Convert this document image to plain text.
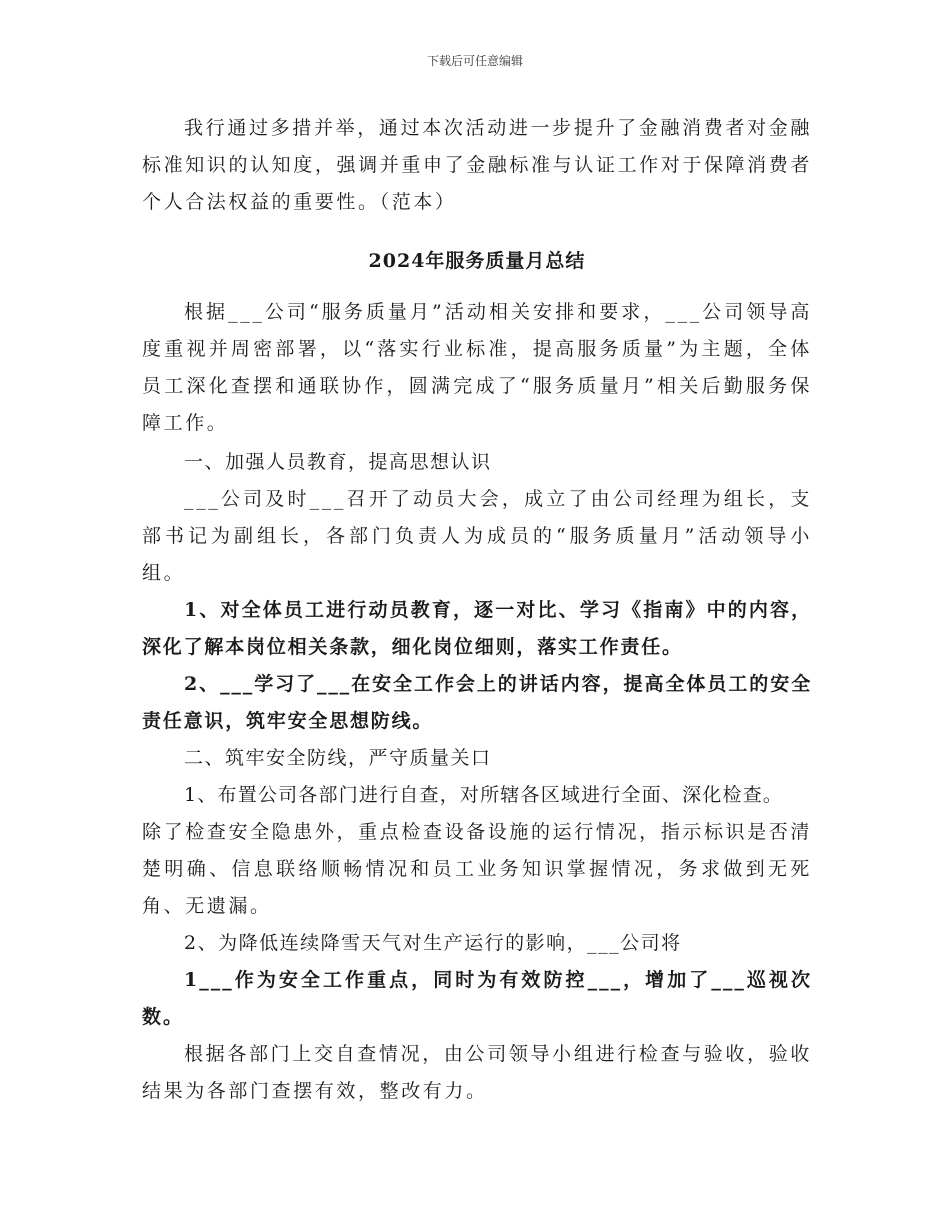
下载后可任意编辑

我行通过多措并举，通过本次活动进一步提升了金融消费者对金融标准知识的认知度，强调并重申了金融标准与认证工作对于保障消费者个人合法权益的重要性。（范本）

2024年服务质量月总结

根据___公司“服务质量月”活动相关安排和要求，___公司领导高度重视并周密部署，以“落实行业标准，提高服务质量”为主题，全体员工深化查摆和通联协作，圆满完成了“服务质量月”相关后勤服务保障工作。

一、加强人员教育，提高思想认识

___公司及时___召开了动员大会，成立了由公司经理为组长，支部书记为副组长，各部门负责人为成员的“服务质量月”活动领导小组。

1、对全体员工进行动员教育，逐一对比、学习《指南》中的内容，深化了解本岗位相关条款，细化岗位细则，落实工作责任。

2、___学习了___在安全工作会上的讲话内容，提高全体员工的安全责任意识，筑牢安全思想防线。

二、筑牢安全防线，严守质量关口

1、布置公司各部门进行自查，对所辖各区域进行全面、深化检查。

除了检查安全隐患外，重点检查设备设施的运行情况，指示标识是否清楚明确、信息联络顺畅情况和员工业务知识掌握情况，务求做到无死角、无遗漏。

2、为降低连续降雪天气对生产运行的影响，___公司将

1___作为安全工作重点，同时为有效防控___，增加了___巡视次数。

根据各部门上交自查情况，由公司领导小组进行检查与验收，验收结果为各部门查摆有效，整改有力。
